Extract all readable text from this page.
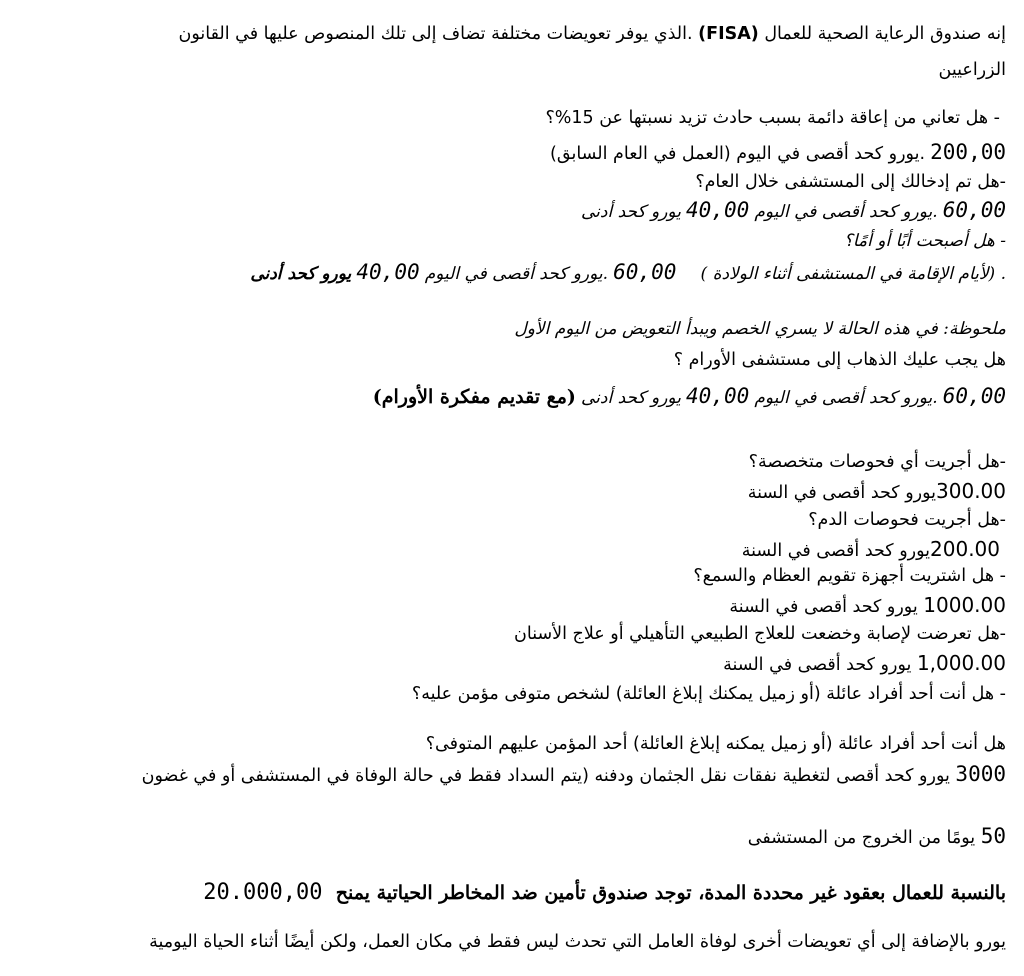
إنه صندوق الرعاية الصحية للعمال (FISA) .الذي يوفر تعويضات مختلفة تضاف إلى تلك المنصوص عليها في القانون
الزراعيين
- هل تعاني من إعاقة دائمة بسبب حادث تزيد نسبتها عن 15%؟
200,00 .يورو كحد أقصى في اليوم (العمل في العام السابق)
-هل تم إدخالك إلى المستشفى خلال العام؟
60,00 .يورو كحد أقصى في اليوم 40,00 يورو كحد أدنى
- هل أصبحت أبًا أو أمًا؟
. (لأيام الإقامة في المستشفى أثناء الولادة )  60,00 .يورو كحد أقصى في اليوم 40,00 يورو كحد أدنى
ملحوظة: في هذه الحالة لا يسري الخصم ويبدأ التعويض من اليوم الأول
هل يجب عليك الذهاب إلى مستشفى الأورام ؟
60,00 .يورو كحد أقصى في اليوم 40,00 يورو كحد أدنى (مع تقديم مفكرة الأورام)
-هل أجريت أي فحوصات متخصصة؟
300.00يورو كحد أقصى في السنة
-هل أجريت فحوصات الدم؟
200.00يورو كحد أقصى في السنة
- هل اشتريت أجهزة تقويم العظام والسمع؟
1000.00 يورو كحد أقصى في السنة
-هل تعرضت لإصابة وخضعت للعلاج الطبيعي التأهيلي أو علاج الأسنان
1,000.00 يورو كحد أقصى في السنة
- هل أنت أحد أفراد عائلة (أو زميل يمكنك إبلاغ العائلة) لشخص متوفى مؤمن عليه؟
هل أنت أحد أفراد عائلة (أو زميل يمكنه إبلاغ العائلة) أحد المؤمن عليهم المتوفى؟
3000 يورو كحد أقصى لتغطية نفقات نقل الجثمان ودفنه (يتم السداد فقط في حالة الوفاة في المستشفى أو في غضون
50 يومًا من الخروج من المستشفى
بالنسبة للعمال بعقود غير محددة المدة، توجد صندوق تأمين ضد المخاطر الحياتية يمنح 20.000,00
يورو بالإضافة إلى أي تعويضات أخرى لوفاة العامل التي تحدث ليس فقط في مكان العمل، ولكن أيضًا أثناء الحياة اليومية
